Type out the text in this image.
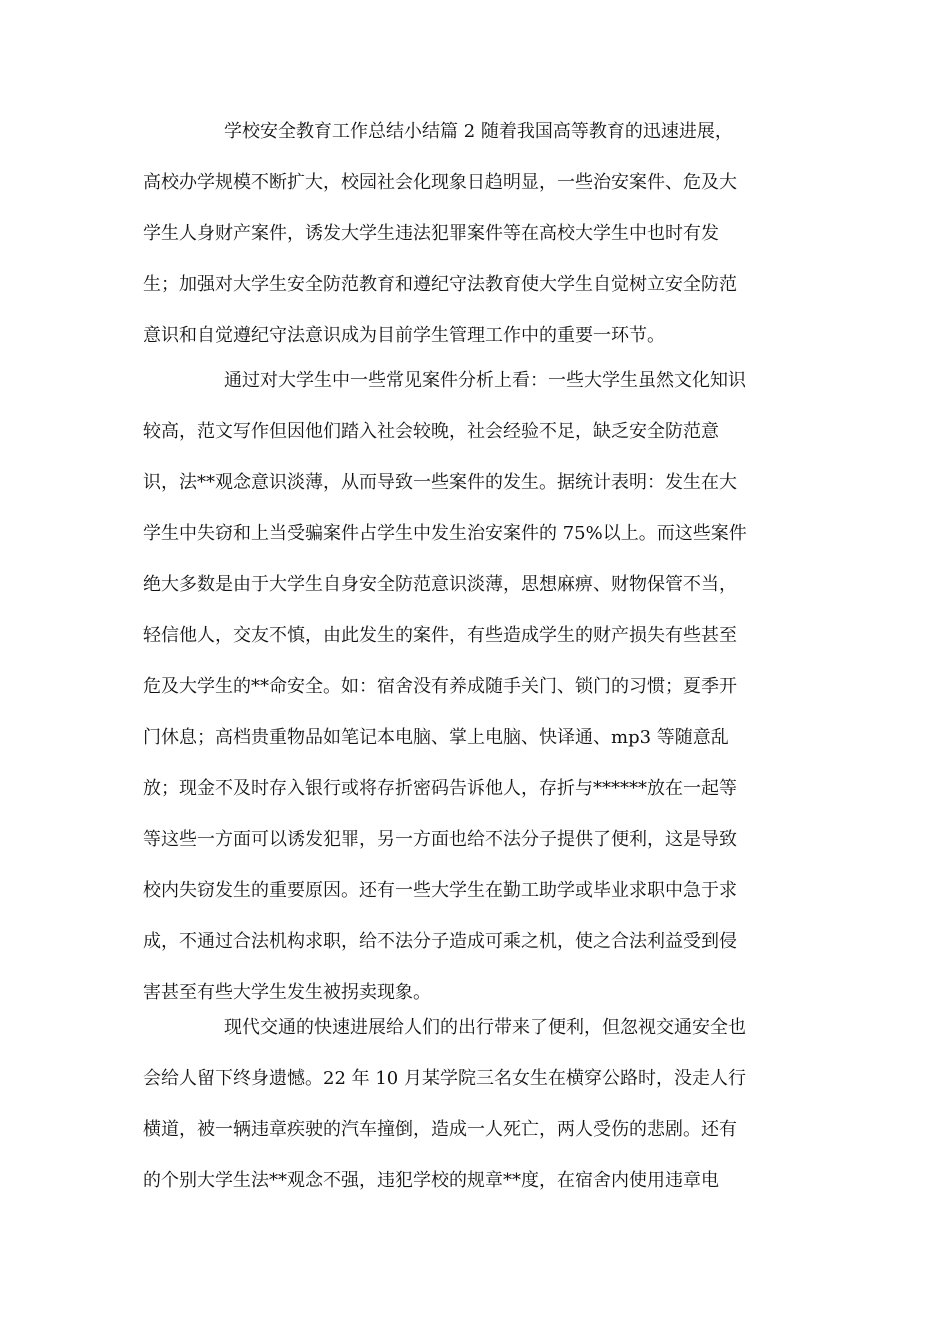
学校安全教育工作总结小结篇 2 随着我国高等教育的迅速进展，
高校办学规模不断扩大，校园社会化现象日趋明显，一些治安案件、危及大
学生人身财产案件，诱发大学生违法犯罪案件等在高校大学生中也时有发
生；加强对大学生安全防范教育和遵纪守法教育使大学生自觉树立安全防范
意识和自觉遵纪守法意识成为目前学生管理工作中的重要一环节。
通过对大学生中一些常见案件分析上看：一些大学生虽然文化知识
较高，范文写作但因他们踏入社会较晚，社会经验不足，缺乏安全防范意
识，法**观念意识淡薄，从而导致一些案件的发生。据统计表明：发生在大
学生中失窃和上当受骗案件占学生中发生治安案件的 75%以上。而这些案件
绝大多数是由于大学生自身安全防范意识淡薄，思想麻痹、财物保管不当，
轻信他人，交友不慎，由此发生的案件，有些造成学生的财产损失有些甚至
危及大学生的**命安全。如：宿舍没有养成随手关门、锁门的习惯；夏季开
门休息；高档贵重物品如笔记本电脑、掌上电脑、快译通、mp3 等随意乱
放；现金不及时存入银行或将存折密码告诉他人，存折与******放在一起等
等这些一方面可以诱发犯罪，另一方面也给不法分子提供了便利，这是导致
校内失窃发生的重要原因。还有一些大学生在勤工助学或毕业求职中急于求
成，不通过合法机构求职，给不法分子造成可乘之机，使之合法利益受到侵
害甚至有些大学生发生被拐卖现象。
现代交通的快速进展给人们的出行带来了便利，但忽视交通安全也
会给人留下终身遗憾。22 年 10 月某学院三名女生在横穿公路时，没走人行
横道，被一辆违章疾驶的汽车撞倒，造成一人死亡，两人受伤的悲剧。还有
的个别大学生法**观念不强，违犯学校的规章**度，在宿舍内使用违章电
